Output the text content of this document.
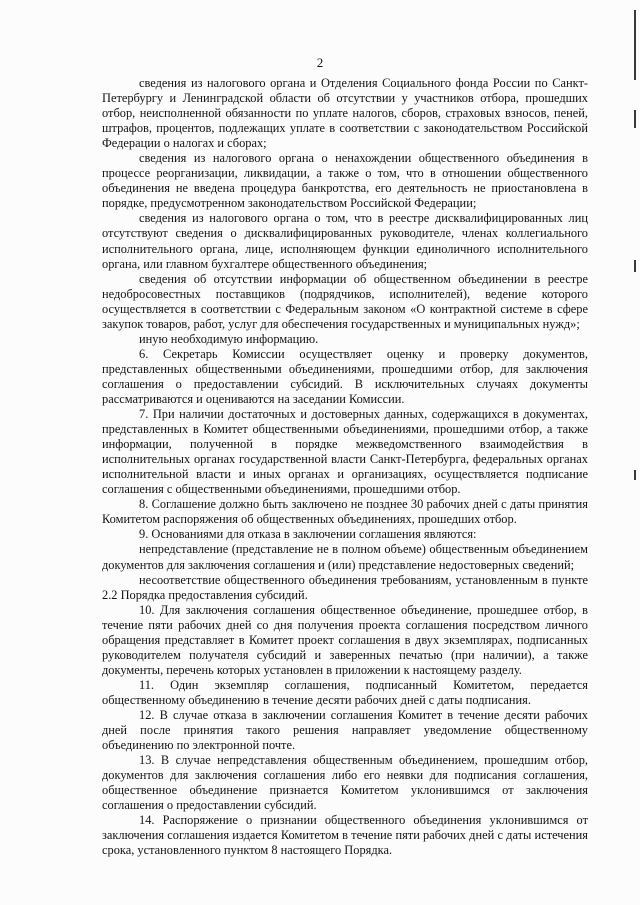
2

сведения из налогового органа и Отделения Социального фонда России по Санкт-Петербургу и Ленинградской области об отсутствии у участников отбора, прошедших отбор, неисполненной обязанности по уплате налогов, сборов, страховых взносов, пеней, штрафов, процентов, подлежащих уплате в соответствии с законодательством Российской Федерации о налогах и сборах;

сведения из налогового органа о ненахождении общественного объединения в процессе реорганизации, ликвидации, а также о том, что в отношении общественного объединения не введена процедура банкротства, его деятельность не приостановлена в порядке, предусмотренном законодательством Российской Федерации;

сведения из налогового органа о том, что в реестре дисквалифицированных лиц отсутствуют сведения о дисквалифицированных руководителе, членах коллегиального исполнительного органа, лице, исполняющем функции единоличного исполнительного органа, или главном бухгалтере общественного объединения;

сведения об отсутствии информации об общественном объединении в реестре недобросовестных поставщиков (подрядчиков, исполнителей), ведение которого осуществляется в соответствии с Федеральным законом «О контрактной системе в сфере закупок товаров, работ, услуг для обеспечения государственных и муниципальных нужд»;

иную необходимую информацию.

6. Секретарь Комиссии осуществляет оценку и проверку документов, представленных общественными объединениями, прошедшими отбор, для заключения соглашения о предоставлении субсидий. В исключительных случаях документы рассматриваются и оцениваются на заседании Комиссии.

7. При наличии достаточных и достоверных данных, содержащихся в документах, представленных в Комитет общественными объединениями, прошедшими отбор, а также информации, полученной в порядке межведомственного взаимодействия в исполнительных органах государственной власти Санкт-Петербурга, федеральных органах исполнительной власти и иных органах и организациях, осуществляется подписание соглашения с общественными объединениями, прошедшими отбор.

8. Соглашение должно быть заключено не позднее 30 рабочих дней с даты принятия Комитетом распоряжения об общественных объединениях, прошедших отбор.

9. Основаниями для отказа в заключении соглашения являются:

непредставление (представление не в полном объеме) общественным объединением документов для заключения соглашения и (или) представление недостоверных сведений;

несоответствие общественного объединения требованиям, установленным в пункте 2.2 Порядка предоставления субсидий.

10. Для заключения соглашения общественное объединение, прошедшее отбор, в течение пяти рабочих дней со дня получения проекта соглашения посредством личного обращения представляет в Комитет проект соглашения в двух экземплярах, подписанных руководителем получателя субсидий и заверенных печатью (при наличии), а также документы, перечень которых установлен в приложении к настоящему разделу.

11. Один экземпляр соглашения, подписанный Комитетом, передается общественному объединению в течение десяти рабочих дней с даты подписания.

12. В случае отказа в заключении соглашения Комитет в течение десяти рабочих дней после принятия такого решения направляет уведомление общественному объединению по электронной почте.

13. В случае непредставления общественным объединением, прошедшим отбор, документов для заключения соглашения либо его неявки для подписания соглашения, общественное объединение признается Комитетом уклонившимся от заключения соглашения о предоставлении субсидий.

14. Распоряжение о признании общественного объединения уклонившимся от заключения соглашения издается Комитетом в течение пяти рабочих дней с даты истечения срока, установленного пунктом 8 настоящего Порядка.
